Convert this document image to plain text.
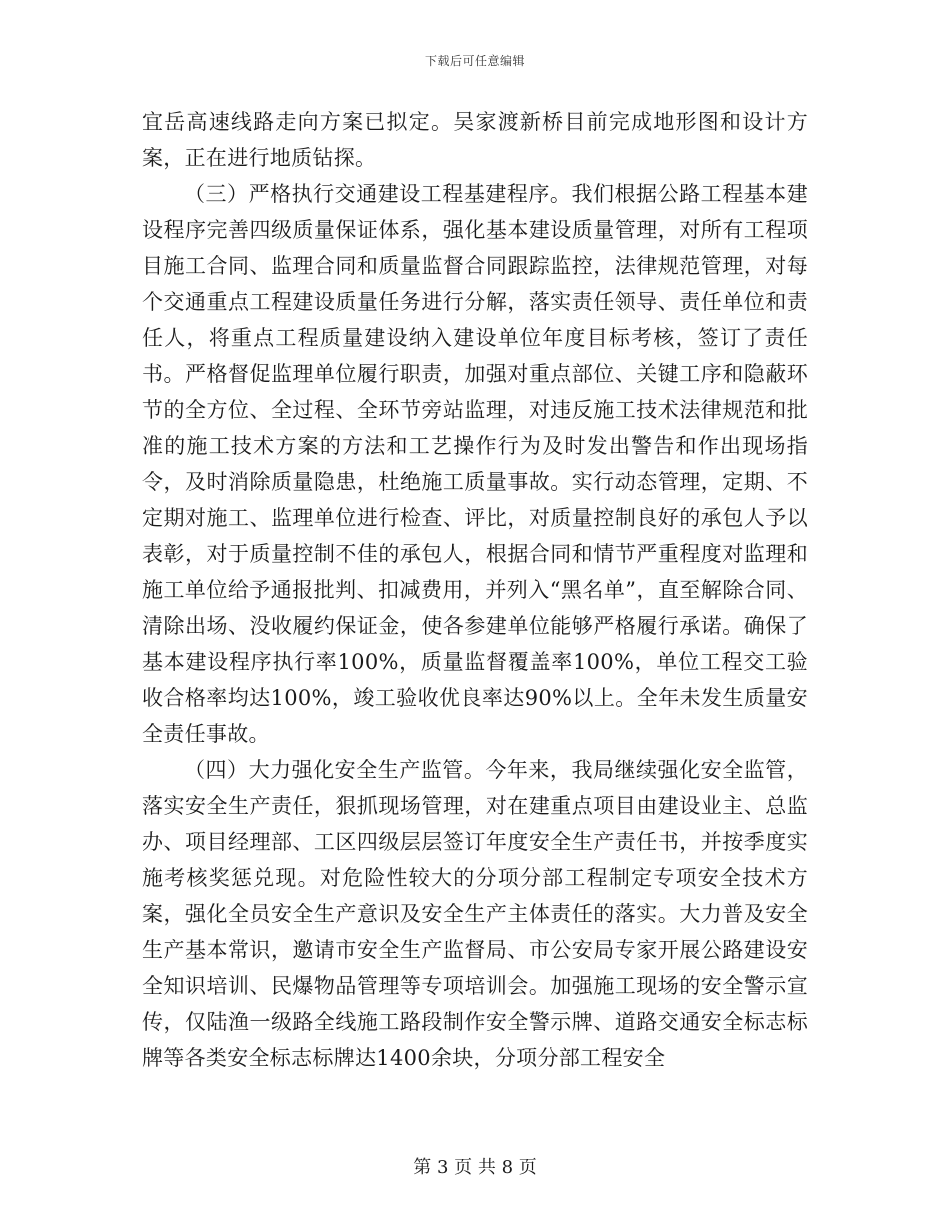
下载后可任意编辑

宜岳高速线路走向方案已拟定。吴家渡新桥目前完成地形图和设计方案，正在进行地质钻探。

（三）严格执行交通建设工程基建程序。我们根据公路工程基本建设程序完善四级质量保证体系，强化基本建设质量管理，对所有工程项目施工合同、监理合同和质量监督合同跟踪监控，法律规范管理，对每个交通重点工程建设质量任务进行分解，落实责任领导、责任单位和责任人，将重点工程质量建设纳入建设单位年度目标考核，签订了责任书。严格督促监理单位履行职责，加强对重点部位、关键工序和隐蔽环节的全方位、全过程、全环节旁站监理，对违反施工技术法律规范和批准的施工技术方案的方法和工艺操作行为及时发出警告和作出现场指令，及时消除质量隐患，杜绝施工质量事故。实行动态管理，定期、不定期对施工、监理单位进行检查、评比，对质量控制良好的承包人予以表彰，对于质量控制不佳的承包人，根据合同和情节严重程度对监理和施工单位给予通报批判、扣减费用，并列入“黑名单”，直至解除合同、清除出场、没收履约保证金，使各参建单位能够严格履行承诺。确保了基本建设程序执行率100%，质量监督覆盖率100%，单位工程交工验收合格率均达100%，竣工验收优良率达90%以上。全年未发生质量安全责任事故。

（四）大力强化安全生产监管。今年来，我局继续强化安全监管，落实安全生产责任，狠抓现场管理，对在建重点项目由建设业主、总监办、项目经理部、工区四级层层签订年度安全生产责任书，并按季度实施考核奖惩兑现。对危险性较大的分项分部工程制定专项安全技术方案，强化全员安全生产意识及安全生产主体责任的落实。大力普及安全生产基本常识，邀请市安全生产监督局、市公安局专家开展公路建设安全知识培训、民爆物品管理等专项培训会。加强施工现场的安全警示宣传，仅陆渔一级路全线施工路段制作安全警示牌、道路交通安全标志标牌等各类安全标志标牌达1400余块，分项分部工程安全

第 3 页 共 8 页
